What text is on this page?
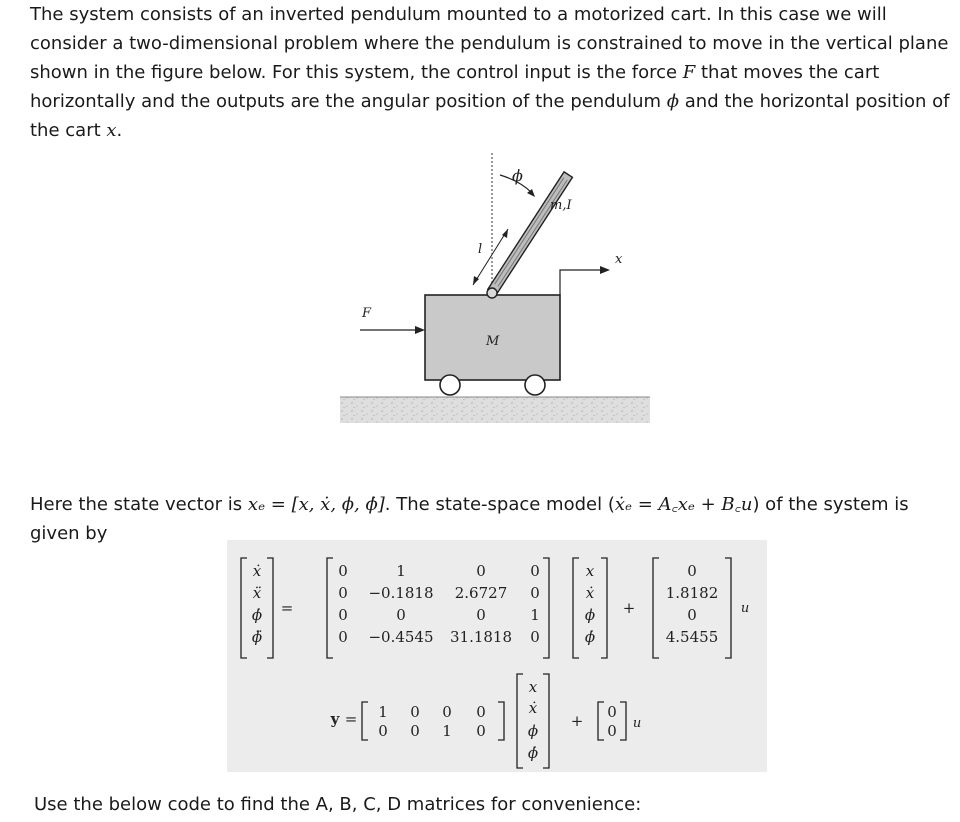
The system consists of an inverted pendulum mounted to a motorized cart. In this case we will consider a two-dimensional problem where the pendulum is constrained to move in the vertical plane shown in the figure below. For this system, the control input is the force F that moves the cart horizontally and the outputs are the angular position of the pendulum ϕ and the horizontal position of the cart x.
ϕ
m,I
l
x
F
M
Here the state vector is xₑ = [x, ẋ, ϕ, ϕ̇]. The state-space model (ẋₑ = A꜀xₑ + B꜀u) of the system is given by
ẋ
ẍ
ϕ̇
ϕ̈
=
0	1	0	0
0 −0.1818 2.6727 0
0	0	0	1
0 −0.4545 31.1818 0
x
ẋ
ϕ
ϕ̇
+
0
1.8182
0
4.5455
u
y = 1 0 0 0
0 0 1 0
x
ẋ
ϕ
ϕ̇
+ 0
0 u
Use the below code to find the A, B, C, D matrices for convenience:
